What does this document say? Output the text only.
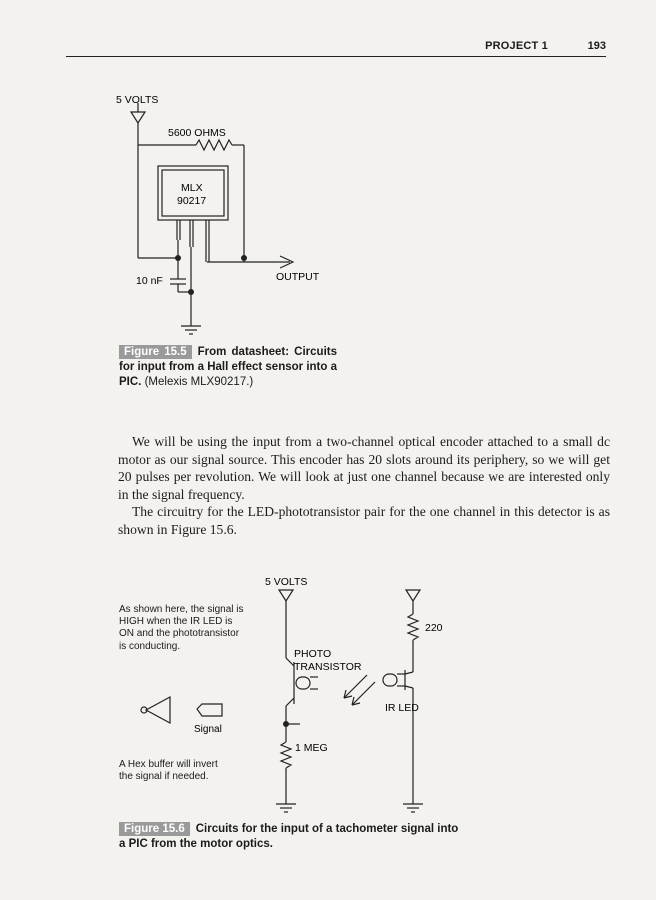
PROJECT 1	193
5 VOLTS
5600 OHMS
MLX
90217
10 nF	OUTPUT
Figure 15.5 From datasheet: Circuits for input from a Hall effect sensor into a PIC. (Melexis MLX90217.)

We will be using the input from a two-channel optical encoder attached to a small dc motor as our signal source. This encoder has 20 slots around its periphery, so we will get 20 pulses per revolution. We will look at just one channel because we are interested only in the signal frequency.

The circuitry for the LED-phototransistor pair for the one channel in this detector is as shown in Figure 15.6.

5 VOLTS
220
PHOTO
TRANSISTOR
IR LED
1 MEG
Signal
As shown here, the signal is HIGH when the IR LED is ON and the phototransistor is conducting.
A Hex buffer will invert the signal if needed.
Figure 15.6 Circuits for the input of a tachometer signal into a PIC from the motor optics.
